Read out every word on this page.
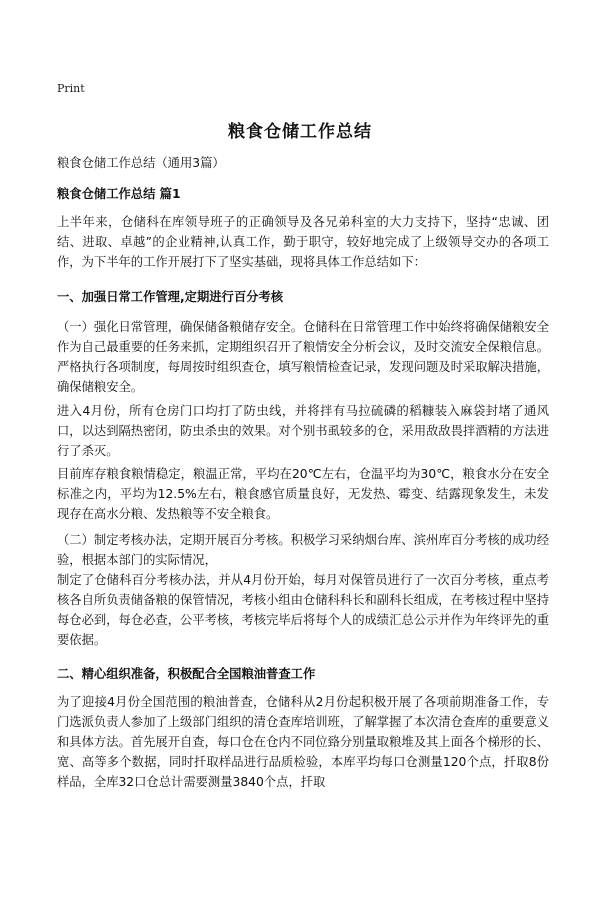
Print
粮食仓储工作总结
粮食仓储工作总结（通用3篇）
粮食仓储工作总结 篇1
上半年来，仓储科在库领导班子的正确领导及各兄弟科室的大力支持下，坚持“忠诚、团结、进取、卓越”的企业精神,认真工作，勤于职守，较好地完成了上级领导交办的各项工作，为下半年的工作开展打下了坚实基础，现将具体工作总结如下：
一、加强日常工作管理,定期进行百分考核
（一）强化日常管理，确保储备粮储存安全。仓储科在日常管理工作中始终将确保储粮安全作为自己最重要的任务来抓，定期组织召开了粮情安全分析会议，及时交流安全保粮信息。严格执行各项制度，每周按时组织查仓，填写粮情检查记录，发现问题及时采取解决措施，确保储粮安全。
进入4月份，所有仓房门口均打了防虫线，并将拌有马拉硫磷的稻糠装入麻袋封堵了通风口，以达到隔热密闭，防虫杀虫的效果。对个别书虱较多的仓，采用敌敌畏拌酒精的方法进行了杀灭。
目前库存粮食粮情稳定，粮温正常，平均在20℃左右，仓温平均为30℃，粮食水分在安全标准之内，平均为12.5%左右，粮食感官质量良好，无发热、霉变、结露现象发生，未发现存在高水分粮、发热粮等不安全粮食。
（二）制定考核办法，定期开展百分考核。积极学习采纳烟台库、滨州库百分考核的成功经验，根据本部门的实际情况，
制定了仓储科百分考核办法，并从4月份开始，每月对保管员进行了一次百分考核，重点考核各自所负责储备粮的保管情况，考核小组由仓储科科长和副科长组成，在考核过程中坚持每仓必到，每仓必查，公平考核，考核完毕后将每个人的成绩汇总公示并作为年终评先的重要依据。
二、精心组织准备，积极配合全国粮油普查工作
为了迎接4月份全国范围的粮油普查，仓储科从2月份起积极开展了各项前期准备工作，专门选派负责人参加了上级部门组织的清仓查库培训班，了解掌握了本次清仓查库的重要意义和具体方法。首先展开自查，每口仓在仓内不同位臵分别量取粮堆及其上面各个梯形的长、宽、高等多个数据，同时扦取样品进行品质检验，本库平均每口仓测量120个点，扦取8份样品，全库32口仓总计需要测量3840个点，扦取
